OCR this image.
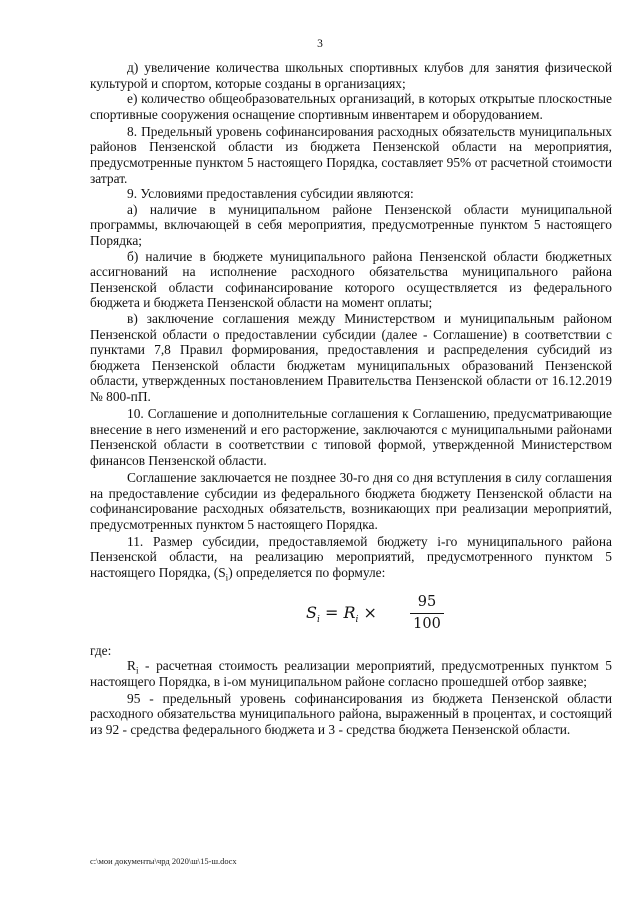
3

д) увеличение количества школьных спортивных клубов для занятия физической культурой и спортом, которые созданы в организациях;

е) количество общеобразовательных организаций, в которых открытые плоскостные спортивные сооружения оснащение спортивным инвентарем и оборудованием.

8. Предельный уровень софинансирования расходных обязательств муниципальных районов Пензенской области из бюджета Пензенской области на мероприятия, предусмотренные пунктом 5 настоящего Порядка, составляет 95% от расчетной стоимости затрат.

9. Условиями предоставления субсидии являются:

а) наличие в муниципальном районе Пензенской области муниципальной программы, включающей в себя мероприятия, предусмотренные пунктом 5 настоящего Порядка;

б) наличие в бюджете муниципального района Пензенской области бюджетных ассигнований на исполнение расходного обязательства муниципального района Пензенской области софинансирование которого осуществляется из федерального бюджета и бюджета Пензенской области на момент оплаты;

в) заключение соглашения между Министерством и муниципальным районом Пензенской области о предоставлении субсидии (далее - Соглашение) в соответствии с пунктами 7,8 Правил формирования, предоставления и распределения субсидий из бюджета Пензенской области бюджетам муниципальных образований Пензенской области, утвержденных постановлением Правительства Пензенской области от 16.12.2019 № 800-пП.

10. Соглашение и дополнительные соглашения к Соглашению, предусматривающие внесение в него изменений и его расторжение, заключаются с муниципальными районами Пензенской области в соответствии с типовой формой, утвержденной Министерством финансов Пензенской области.

Соглашение заключается не позднее 30-го дня со дня вступления в силу соглашения на предоставление субсидии из федерального бюджета бюджету Пензенской области на софинансирование расходных обязательств, возникающих при реализации мероприятий, предусмотренных пунктом 5 настоящего Порядка.

11. Размер субсидии, предоставляемой бюджету i-го муниципального района Пензенской области, на реализацию мероприятий, предусмотренного пунктом 5 настоящего Порядка, $(S_i)$ определяется по формуле:

$S_i = R_i$ ×
95
100

где:

$R_i$ - расчетная стоимость реализации мероприятий, предусмотренных пунктом 5 настоящего Порядка, в i-ом муниципальном районе согласно прошедшей отбор заявке;

95 - предельный уровень софинансирования из бюджета Пензенской области расходного обязательства муниципального района, выраженный в процентах, и состоящий из 92 - средства федерального бюджета и 3 - средства бюджета Пензенской области.

c:\мои документы\чрд 2020\ш\15-ш.docx
